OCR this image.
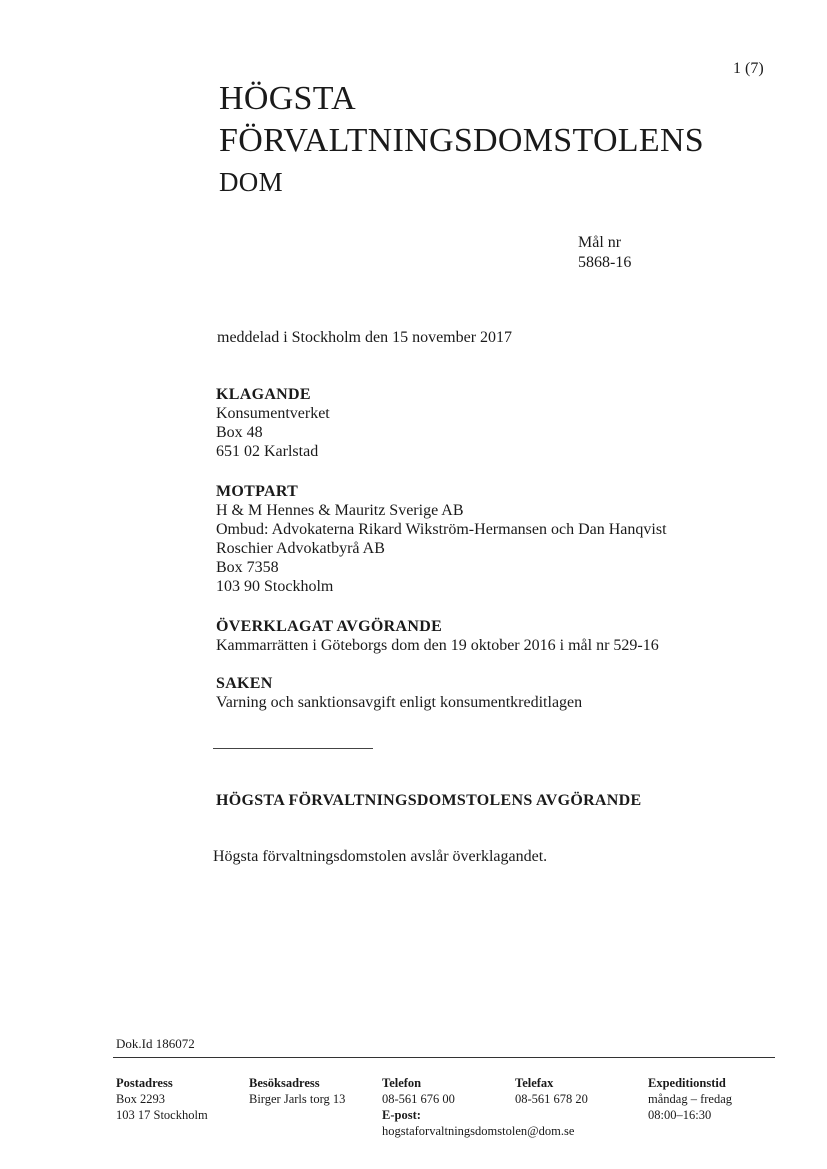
1 (7)
HÖGSTA
FÖRVALTNINGSDOMSTOLENS
DOM
Mål nr
5868-16
meddelad i Stockholm den 15 november 2017
KLAGANDE
Konsumentverket
Box 48
651 02 Karlstad
MOTPART
H & M Hennes & Mauritz Sverige AB
Ombud: Advokaterna Rikard Wikström-Hermansen och Dan Hanqvist
Roschier Advokatbyrå AB
Box 7358
103 90 Stockholm
ÖVERKLAGAT AVGÖRANDE
Kammarrätten i Göteborgs dom den 19 oktober 2016 i mål nr 529-16
SAKEN
Varning och sanktionsavgift enligt konsumentkreditlagen
HÖGSTA FÖRVALTNINGSDOMSTOLENS AVGÖRANDE
Högsta förvaltningsdomstolen avslår överklagandet.
Dok.Id 186072
Postadress
Box 2293
103 17 Stockholm
Besöksadress
Birger Jarls torg 13
Telefon
08-561 676 00
E-post:
hogstaforvaltningsdomstolen@dom.se
Telefax
08-561 678 20
Expeditionstid
måndag – fredag
08:00–16:30
